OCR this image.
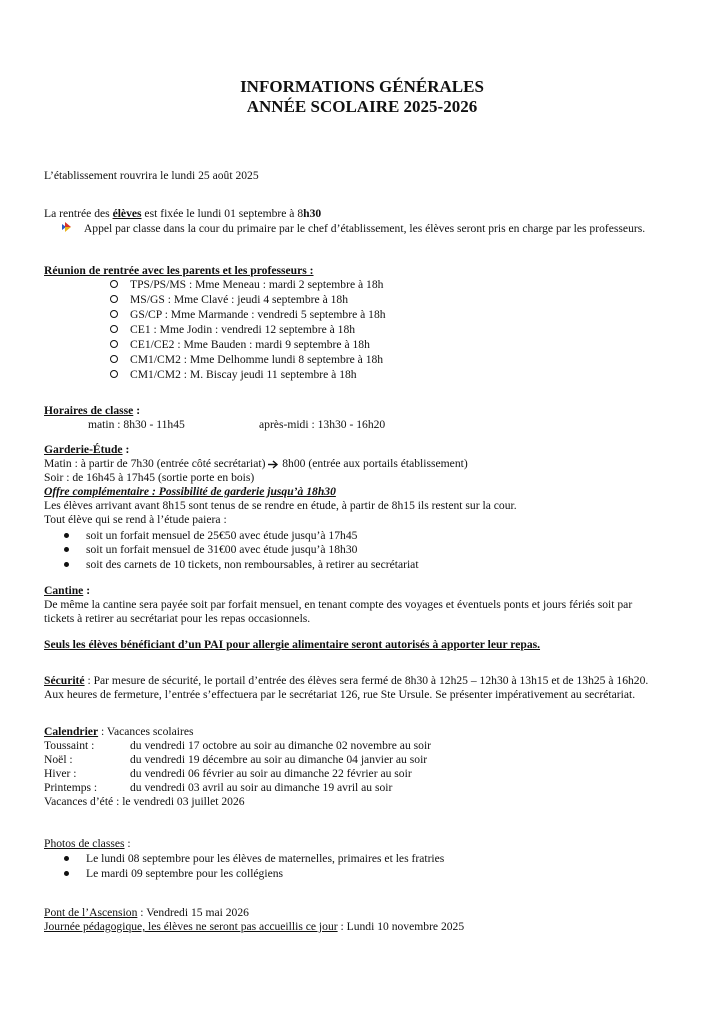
INFORMATIONS GÉNÉRALES
ANNÉE SCOLAIRE 2025-2026
L’établissement rouvrira le lundi 25 août 2025
La rentrée des élèves est fixée le lundi 01 septembre à 8h30
Appel par classe dans la cour du primaire par le chef d’établissement, les élèves seront pris en charge par les professeurs.
Réunion de rentrée avec les parents et les professeurs :
TPS/PS/MS : Mme Meneau : mardi 2 septembre à 18h
MS/GS : Mme Clavé : jeudi 4 septembre à 18h
GS/CP : Mme Marmande : vendredi 5 septembre à 18h
CE1 : Mme Jodin : vendredi 12 septembre à 18h
CE1/CE2 : Mme Bauden : mardi 9 septembre à 18h
CM1/CM2 : Mme Delhomme lundi 8 septembre à 18h
CM1/CM2 : M. Biscay jeudi 11 septembre à 18h
Horaires de classe :
matin : 8h30 - 11h45	après-midi : 13h30 - 16h20
Garderie-Étude :
Matin : à partir de 7h30 (entrée côté secrétariat)  8h00 (entrée aux portails établissement)
Soir : de 16h45 à 17h45 (sortie porte en bois)
Offre complémentaire : Possibilité de garderie jusqu’à 18h30
Les élèves arrivant avant 8h15 sont tenus de se rendre en étude, à partir de 8h15 ils restent sur la cour.
Tout élève qui se rend à l’étude paiera :
soit un forfait mensuel de 25€50 avec étude jusqu’à 17h45
soit un forfait mensuel de 31€00 avec étude jusqu’à 18h30
soit des carnets de 10 tickets, non remboursables, à retirer au secrétariat
Cantine :
De même la cantine sera payée soit par forfait mensuel, en tenant compte des voyages et éventuels ponts et jours fériés soit par
tickets à retirer au secrétariat pour les repas occasionnels.
Seuls les élèves bénéficiant d’un PAI pour allergie alimentaire seront autorisés à apporter leur repas.
Sécurité : Par mesure de sécurité, le portail d’entrée des élèves sera fermé de 8h30 à 12h25 – 12h30 à 13h15 et de 13h25 à 16h20.
Aux heures de fermeture, l’entrée s’effectuera par le secrétariat 126, rue Ste Ursule. Se présenter impérativement au secrétariat.
Calendrier : Vacances scolaires
Toussaint :	du vendredi 17 octobre au soir au dimanche 02 novembre au soir
Noël :	du vendredi 19 décembre au soir au dimanche 04 janvier au soir
Hiver :	du vendredi 06 février au soir au dimanche 22 février au soir
Printemps :	du vendredi 03 avril au soir au dimanche 19 avril au soir
Vacances d’été : le vendredi 03 juillet 2026
Photos de classes :
Le lundi 08 septembre pour les élèves de maternelles, primaires et les fratries
Le mardi 09 septembre pour les collégiens
Pont de l’Ascension : Vendredi 15 mai 2026
Journée pédagogique, les élèves ne seront pas accueillis ce jour : Lundi 10 novembre 2025
